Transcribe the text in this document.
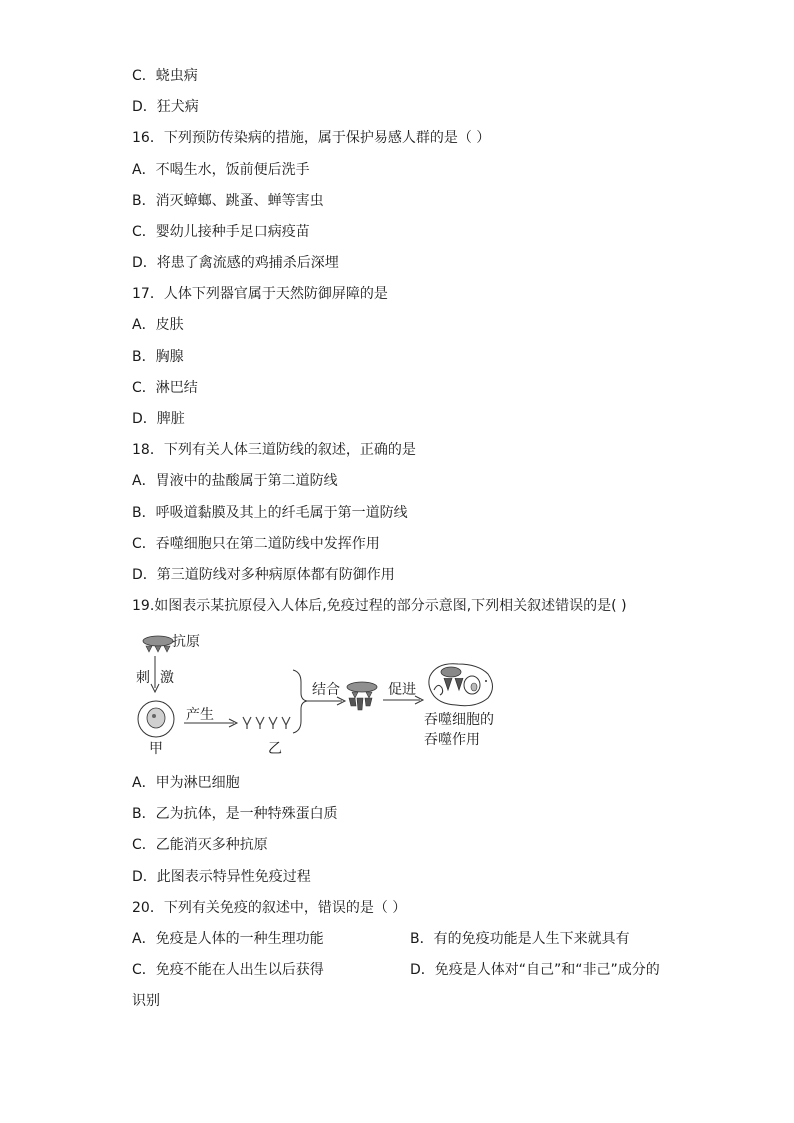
C．蛲虫病
D．狂犬病
16．下列预防传染病的措施，属于保护易感人群的是（ ）
A．不喝生水，饭前便后洗手
B．消灭蟑螂、跳蚤、蝉等害虫
C．婴幼儿接种手足口病疫苗
D．将患了禽流感的鸡捕杀后深埋
17．人体下列器官属于天然防御屏障的是
A．皮肤
B．胸腺
C．淋巴结
D．脾脏
18．下列有关人体三道防线的叙述，正确的是
A．胃液中的盐酸属于第二道防线
B．呼吸道黏膜及其上的纤毛属于第一道防线
C．吞噬细胞只在第二道防线中发挥作用
D．第三道防线对多种病原体都有防御作用
19.如图表示某抗原侵入人体后,免疫过程的部分示意图,下列相关叙述错误的是( )
抗原
刺 激
甲
产生
乙
结合	促进
吞噬细胞的
吞噬作用
A．甲为淋巴细胞
B．乙为抗体，是一种特殊蛋白质
C．乙能消灭多种抗原
D．此图表示特异性免疫过程
20．下列有关免疫的叙述中，错误的是（ ）
A．免疫是人体的一种生理功能	B．有的免疫功能是人生下来就具有
C．免疫不能在人出生以后获得	D．免疫是人体对“自己”和“非己”成分的
识别
